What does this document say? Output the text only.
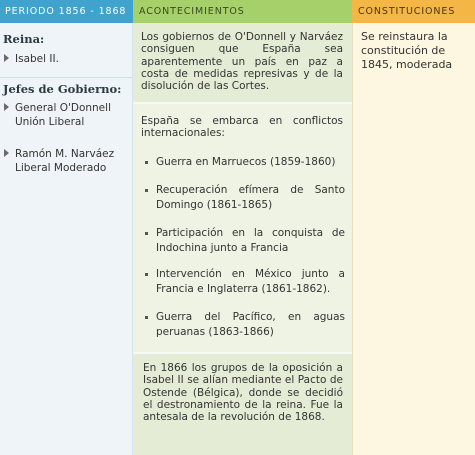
PERIODO 1856 - 1868	ACONTECIMIENTOS	CONSTITUCIONES
Reina:
Isabel II.
Jefes de Gobierno:
General O'Donnell Unión Liberal
Ramón M. Narváez Liberal Moderado
Los gobiernos de O'Donnell y Narváez consiguen que España sea aparentemente un país en paz a costa de medidas represivas y de la disolución de las Cortes.
España se embarca en conflictos internacionales:
Guerra en Marruecos (1859-1860)
Recuperación efímera de Santo Domingo (1861-1865)
Participación en la conquista de Indochina junto a Francia
Intervención en México junto a Francia e Inglaterra (1861-1862).
Guerra del Pacífico, en aguas peruanas (1863-1866)
En 1866 los grupos de la oposición a Isabel II se alían mediante el Pacto de Ostende (Bélgica), donde se decidió el destronamiento de la reina. Fue la antesala de la revolución de 1868.
Se reinstaura la constitución de 1845, moderada
